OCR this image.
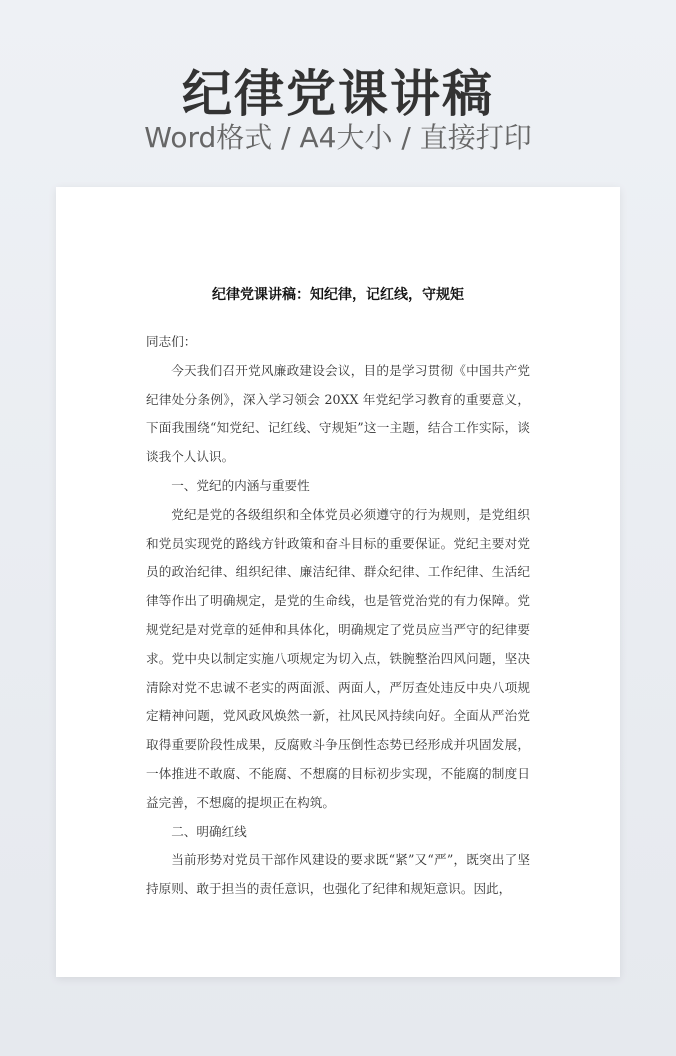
纪律党课讲稿
Word格式 / A4大小 / 直接打印
纪律党课讲稿：知纪律，记红线，守规矩

同志们：

今天我们召开党风廉政建设会议，目的是学习贯彻《中国共产党纪律处分条例》，深入学习领会 20XX 年党纪学习教育的重要意义，下面我围绕“知党纪、记红线、守规矩”这一主题，结合工作实际，谈谈我个人认识。

一、党纪的内涵与重要性

党纪是党的各级组织和全体党员必须遵守的行为规则，是党组织和党员实现党的路线方针政策和奋斗目标的重要保证。党纪主要对党员的政治纪律、组织纪律、廉洁纪律、群众纪律、工作纪律、生活纪律等作出了明确规定，是党的生命线，也是管党治党的有力保障。党规党纪是对党章的延伸和具体化，明确规定了党员应当严守的纪律要求。党中央以制定实施八项规定为切入点，铁腕整治四风问题，坚决清除对党不忠诚不老实的两面派、两面人，严厉查处违反中央八项规定精神问题，党风政风焕然一新，社风民风持续向好。全面从严治党取得重要阶段性成果，反腐败斗争压倒性态势已经形成并巩固发展，一体推进不敢腐、不能腐、不想腐的目标初步实现，不能腐的制度日益完善，不想腐的提坝正在构筑。

二、明确红线

当前形势对党员干部作风建设的要求既“紧”又“严”，既突出了坚持原则、敢于担当的责任意识，也强化了纪律和规矩意识。因此，
